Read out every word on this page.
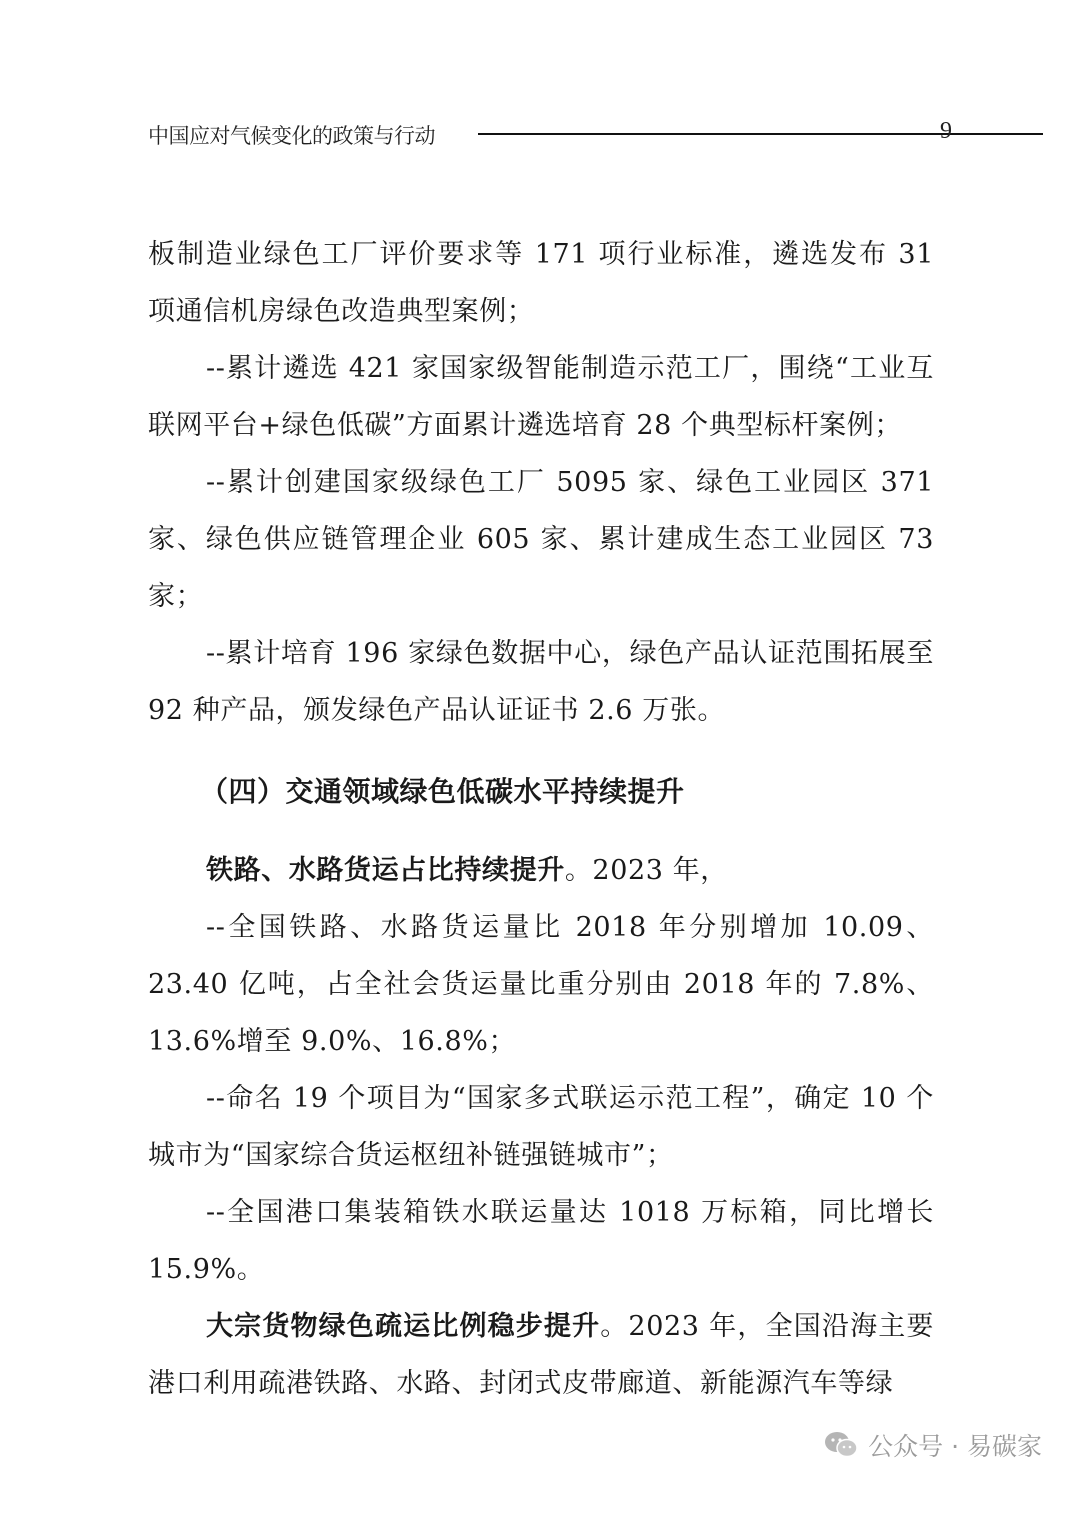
中国应对气候变化的政策与行动	9

板制造业绿色工厂评价要求等 171 项行业标准，遴选发布 31 项通信机房绿色改造典型案例；

--累计遴选 421 家国家级智能制造示范工厂，围绕“工业互联网平台+绿色低碳”方面累计遴选培育 28 个典型标杆案例；

--累计创建国家级绿色工厂 5095 家、绿色工业园区 371 家、绿色供应链管理企业 605 家、累计建成生态工业园区 73 家；

--累计培育 196 家绿色数据中心，绿色产品认证范围拓展至 92 种产品，颁发绿色产品认证证书 2.6 万张。

（四）交通领域绿色低碳水平持续提升

铁路、水路货运占比持续提升。2023 年，

--全国铁路、水路货运量比 2018 年分别增加 10.09、23.40 亿吨，占全社会货运量比重分别由 2018 年的 7.8%、13.6%增至 9.0%、16.8%；

--命名 19 个项目为“国家多式联运示范工程”，确定 10 个城市为“国家综合货运枢纽补链强链城市”；

--全国港口集装箱铁水联运量达 1018 万标箱，同比增长 15.9%。

大宗货物绿色疏运比例稳步提升。2023 年，全国沿海主要港口利用疏港铁路、水路、封闭式皮带廊道、新能源汽车等绿

公众号 · 易碳家
